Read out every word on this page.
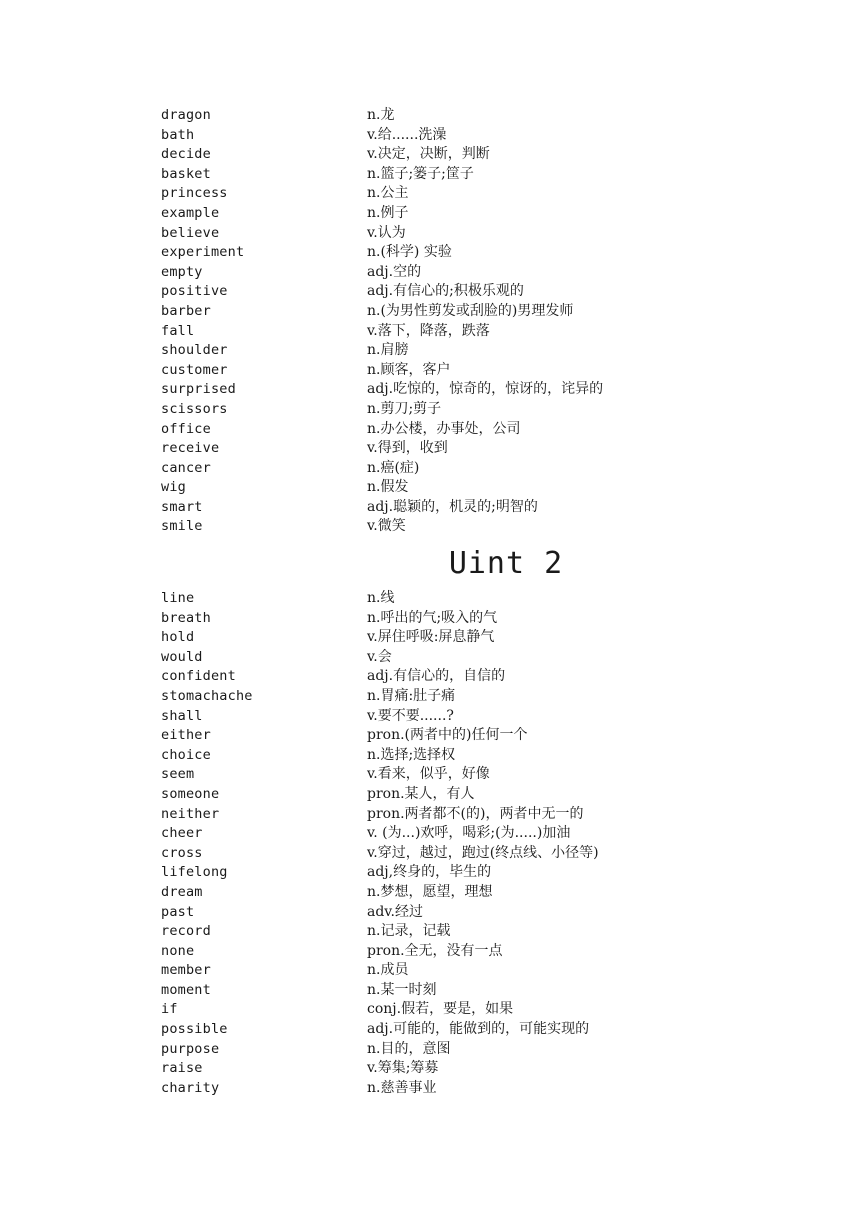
dragon	n.龙
bath	v.给......洗澡
decide	v.决定，决断，判断
basket	n.篮子;篓子;筐子
princess	n.公主
example	n.例子
believe	v.认为
experiment	n.(科学) 实验
empty	adj.空的
positive	adj.有信心的;积极乐观的
barber	n.(为男性剪发或刮脸的)男理发师
fall	v.落下，降落，跌落
shoulder	n.肩膀
customer	n.顾客，客户
surprised	adj.吃惊的，惊奇的，惊讶的，诧异的
scissors	n.剪刀;剪子
office	n.办公楼，办事处，公司
receive	v.得到，收到
cancer	n.癌(症)
wig	n.假发
smart	adj.聪颖的，机灵的;明智的
smile	v.微笑
Uint 2
line	n.线
breath	n.呼出的气;吸入的气
hold	v.屏住呼吸:屏息静气
would	v.会
confident	adj.有信心的，自信的
stomachache	n.胃痛:肚子痛
shall	v.要不要......?
either	pron.(两者中的)任何一个
choice	n.选择;选择权
seem	v.看来，似乎，好像
someone	pron.某人，有人
neither	pron.两者都不(的)，两者中无一的
cheer	v. (为...)欢呼，喝彩;(为.....)加油
cross	v.穿过，越过，跑过(终点线、小径等)
lifelong	adj,终身的，毕生的
dream	n.梦想，愿望，理想
past	adv.经过
record	n.记录，记载
none	pron.全无，没有一点
member	n.成员
moment	n.某一时刻
if	conj.假若，要是，如果
possible	adj.可能的，能做到的，可能实现的
purpose	n.目的，意图
raise	v.筹集;筹募
charity	n.慈善事业
